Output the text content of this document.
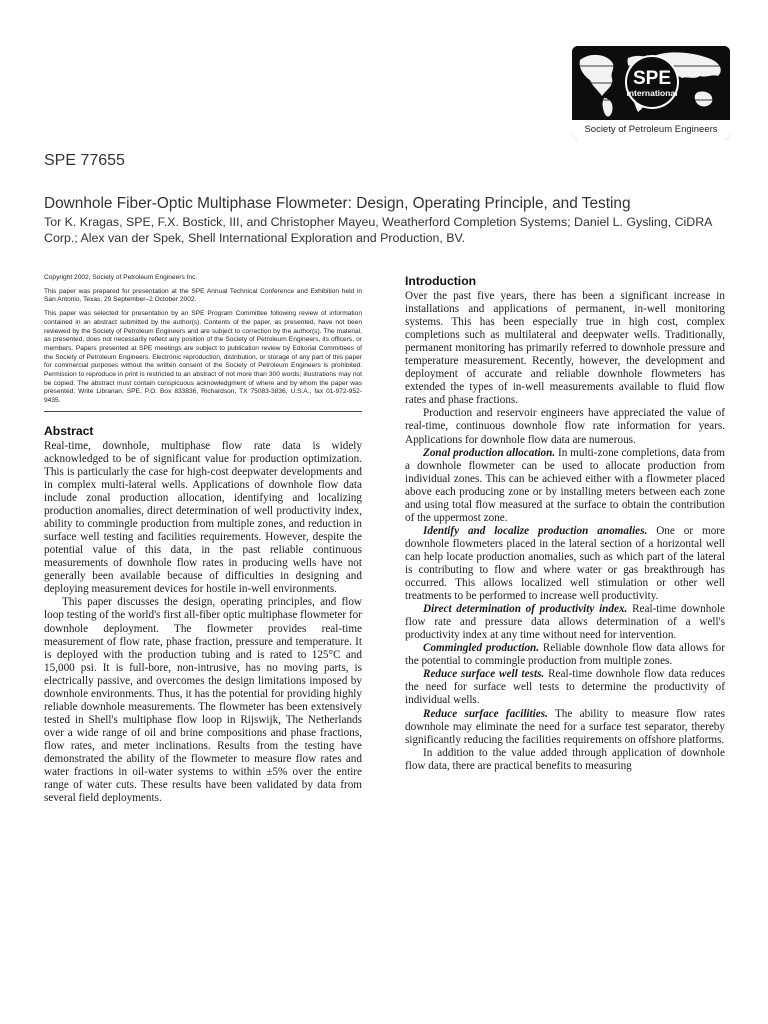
SPE
International
Society of Petroleum Engineers
SPE 77655
Downhole Fiber-Optic Multiphase Flowmeter: Design, Operating Principle, and Testing

Tor K. Kragas, SPE, F.X. Bostick, III, and Christopher Mayeu, Weatherford Completion Systems; Daniel L. Gysling, CiDRA Corp.; Alex van der Spek, Shell International Exploration and Production, BV.

Copyright 2002, Society of Petroleum Engineers Inc.

This paper was prepared for presentation at the SPE Annual Technical Conference and Exhibition held in San Antonio, Texas, 29 September–2 October 2002.

This paper was selected for presentation by an SPE Program Committee following review of information contained in an abstract submitted by the author(s). Contents of the paper, as presented, have not been reviewed by the Society of Petroleum Engineers and are subject to correction by the author(s). The material, as presented, does not necessarily reflect any position of the Society of Petroleum Engineers, its officers, or members. Papers presented at SPE meetings are subject to publication review by Editorial Committees of the Society of Petroleum Engineers. Electronic reproduction, distribution, or storage of any part of this paper for commercial purposes without the written consent of the Society of Petroleum Engineers is prohibited. Permission to reproduce in print is restricted to an abstract of not more than 300 words; illustrations may not be copied. The abstract must contain conspicuous acknowledgment of where and by whom the paper was presented. Write Librarian, SPE, P.O. Box 833836, Richardson, TX 75083-3836, U.S.A., fax 01-972-952-9435.

Abstract

Real-time, downhole, multiphase flow rate data is widely acknowledged to be of significant value for production optimization. This is particularly the case for high-cost deepwater developments and in complex multi-lateral wells. Applications of downhole flow data include zonal production allocation, identifying and localizing production anomalies, direct determination of well productivity index, ability to commingle production from multiple zones, and reduction in surface well testing and facilities requirements. However, despite the potential value of this data, in the past reliable continuous measurements of downhole flow rates in producing wells have not generally been available because of difficulties in designing and deploying measurement devices for hostile in-well environments.

This paper discusses the design, operating principles, and flow loop testing of the world's first all-fiber optic multiphase flowmeter for downhole deployment. The flowmeter provides real-time measurement of flow rate, phase fraction, pressure and temperature. It is deployed with the production tubing and is rated to 125°C and 15,000 psi. It is full-bore, non-intrusive, has no moving parts, is electrically passive, and overcomes the design limitations imposed by downhole environments. Thus, it has the potential for providing highly reliable downhole measurements. The flowmeter has been extensively tested in Shell's multiphase flow loop in Rijswijk, The Netherlands over a wide range of oil and brine compositions and phase fractions, flow rates, and meter inclinations. Results from the testing have demonstrated the ability of the flowmeter to measure flow rates and water fractions in oil-water systems to within ±5% over the entire range of water cuts. These results have been validated by data from several field deployments.

Introduction

Over the past five years, there has been a significant increase in installations and applications of permanent, in-well monitoring systems. This has been especially true in high cost, complex completions such as multilateral and deepwater wells. Traditionally, permanent monitoring has primarily referred to downhole pressure and temperature measurement. Recently, however, the development and deployment of accurate and reliable downhole flowmeters has extended the types of in-well measurements available to fluid flow rates and phase fractions.

Production and reservoir engineers have appreciated the value of real-time, continuous downhole flow rate information for years. Applications for downhole flow data are numerous.

Zonal production allocation. In multi-zone completions, data from a downhole flowmeter can be used to allocate production from individual zones. This can be achieved either with a flowmeter placed above each producing zone or by installing meters between each zone and using total flow measured at the surface to obtain the contribution of the uppermost zone.

Identify and localize production anomalies. One or more downhole flowmeters placed in the lateral section of a horizontal well can help locate production anomalies, such as which part of the lateral is contributing to flow and where water or gas breakthrough has occurred. This allows localized well stimulation or other well treatments to be performed to increase well productivity.

Direct determination of productivity index. Real-time downhole flow rate and pressure data allows determination of a well's productivity index at any time without need for intervention.

Commingled production. Reliable downhole flow data allows for the potential to commingle production from multiple zones.

Reduce surface well tests. Real-time downhole flow data reduces the need for surface well tests to determine the productivity of individual wells.

Reduce surface facilities. The ability to measure flow rates downhole may eliminate the need for a surface test separator, thereby significantly reducing the facilities requirements on offshore platforms.

In addition to the value added through application of downhole flow data, there are practical benefits to measuring
